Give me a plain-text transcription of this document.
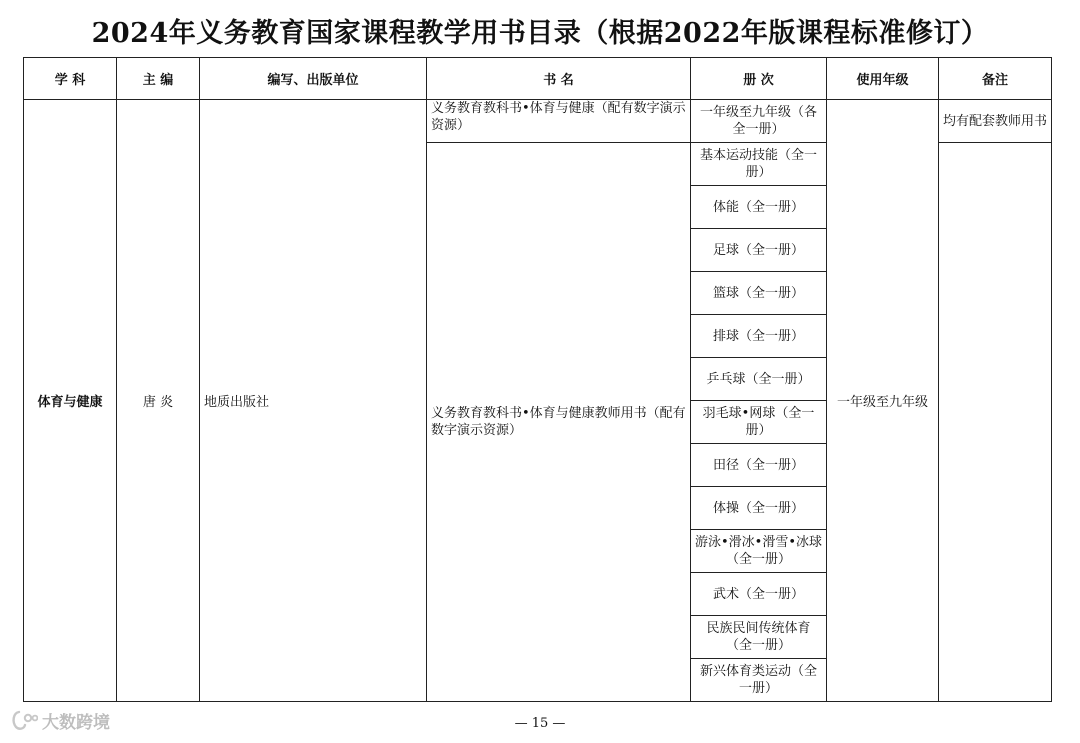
2024年义务教育国家课程教学用书目录（根据2022年版课程标准修订）
学 科	主 编	编写、出版单位	书 名	册 次	使用年级	备注
体育与健康	唐 炎	地质出版社	义务教育教科书•体育与健康（配有数字演示资源）	一年级至九年级（各全一册）	一年级至九年级	均有配套教师用书
			义务教育教科书•体育与健康教师用书（配有数字演示资源）	基本运动技能（全一册）		
				体能（全一册）		
				足球（全一册）		
				篮球（全一册）		
				排球（全一册）		
				乒乓球（全一册）		
				羽毛球•网球（全一册）		
				田径（全一册）		
				体操（全一册）		
				游泳•滑冰•滑雪•冰球（全一册）		
				武术（全一册）		
				民族民间传统体育（全一册）		
				新兴体育类运动（全一册）		
大数跨境	— 15 —
